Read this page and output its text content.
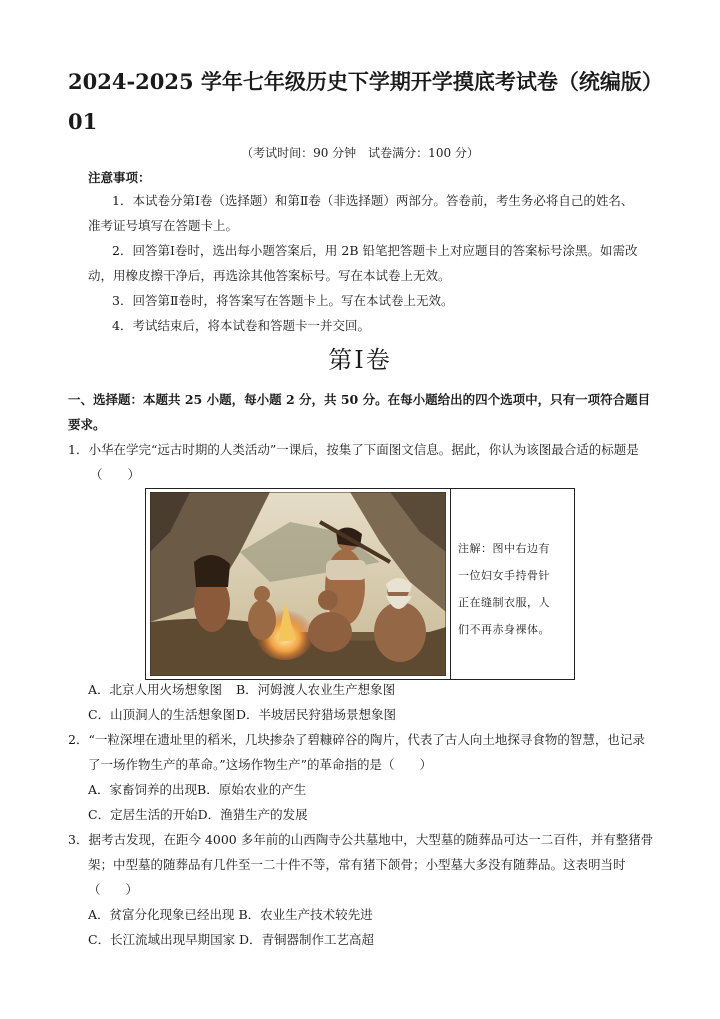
2024-2025 学年七年级历史下学期开学摸底考试卷（统编版）
01
（考试时间：90 分钟　试卷满分：100 分）
注意事项：
1．本试卷分第Ⅰ卷（选择题）和第Ⅱ卷（非选择题）两部分。答卷前，考生务必将自己的姓名、
准考证号填写在答题卡上。
2．回答第Ⅰ卷时，选出每小题答案后，用 2B 铅笔把答题卡上对应题目的答案标号涂黑。如需改
动，用橡皮擦干净后，再选涂其他答案标号。写在本试卷上无效。
3．回答第Ⅱ卷时，将答案写在答题卡上。写在本试卷上无效。
4．考试结束后，将本试卷和答题卡一并交回。
第Ⅰ卷
一、选择题：本题共 25 小题，每小题 2 分，共 50 分。在每小题给出的四个选项中，只有一项符合题目
要求。
1．小华在学完“远古时期的人类活动”一课后，按集了下面图文信息。据此，你认为该图最合适的标题是
（　　）
注解：图中右边有
一位妇女手持骨针
正在缝制衣服，人
们不再赤身裸体。
A．北京人用火场想象图 B．河姆渡人农业生产想象图
C．山顶洞人的生活想象图 D．半坡居民狩猎场景想象图
2．“一粒深埋在遗址里的稻米，几块掺杂了碧糠碎谷的陶片，代表了古人向土地探寻食物的智慧，也记录
了一场作物生产的革命。”这场作物生产”的革命指的是（　　）
A．家畜饲养的出现B．原始农业的产生
C．定居生活的开始D．渔猎生产的发展
3．据考古发现，在距今 4000 多年前的山西陶寺公共墓地中，大型墓的随葬品可达一二百件，并有整猪骨
架；中型墓的随葬品有几件至一二十件不等，常有猪下颌骨；小型墓大多没有随葬品。这表明当时
（　　）
A．贫富分化现象已经出现 B．农业生产技术较先进
C．长江流域出现早期国家 D．青铜器制作工艺高超
